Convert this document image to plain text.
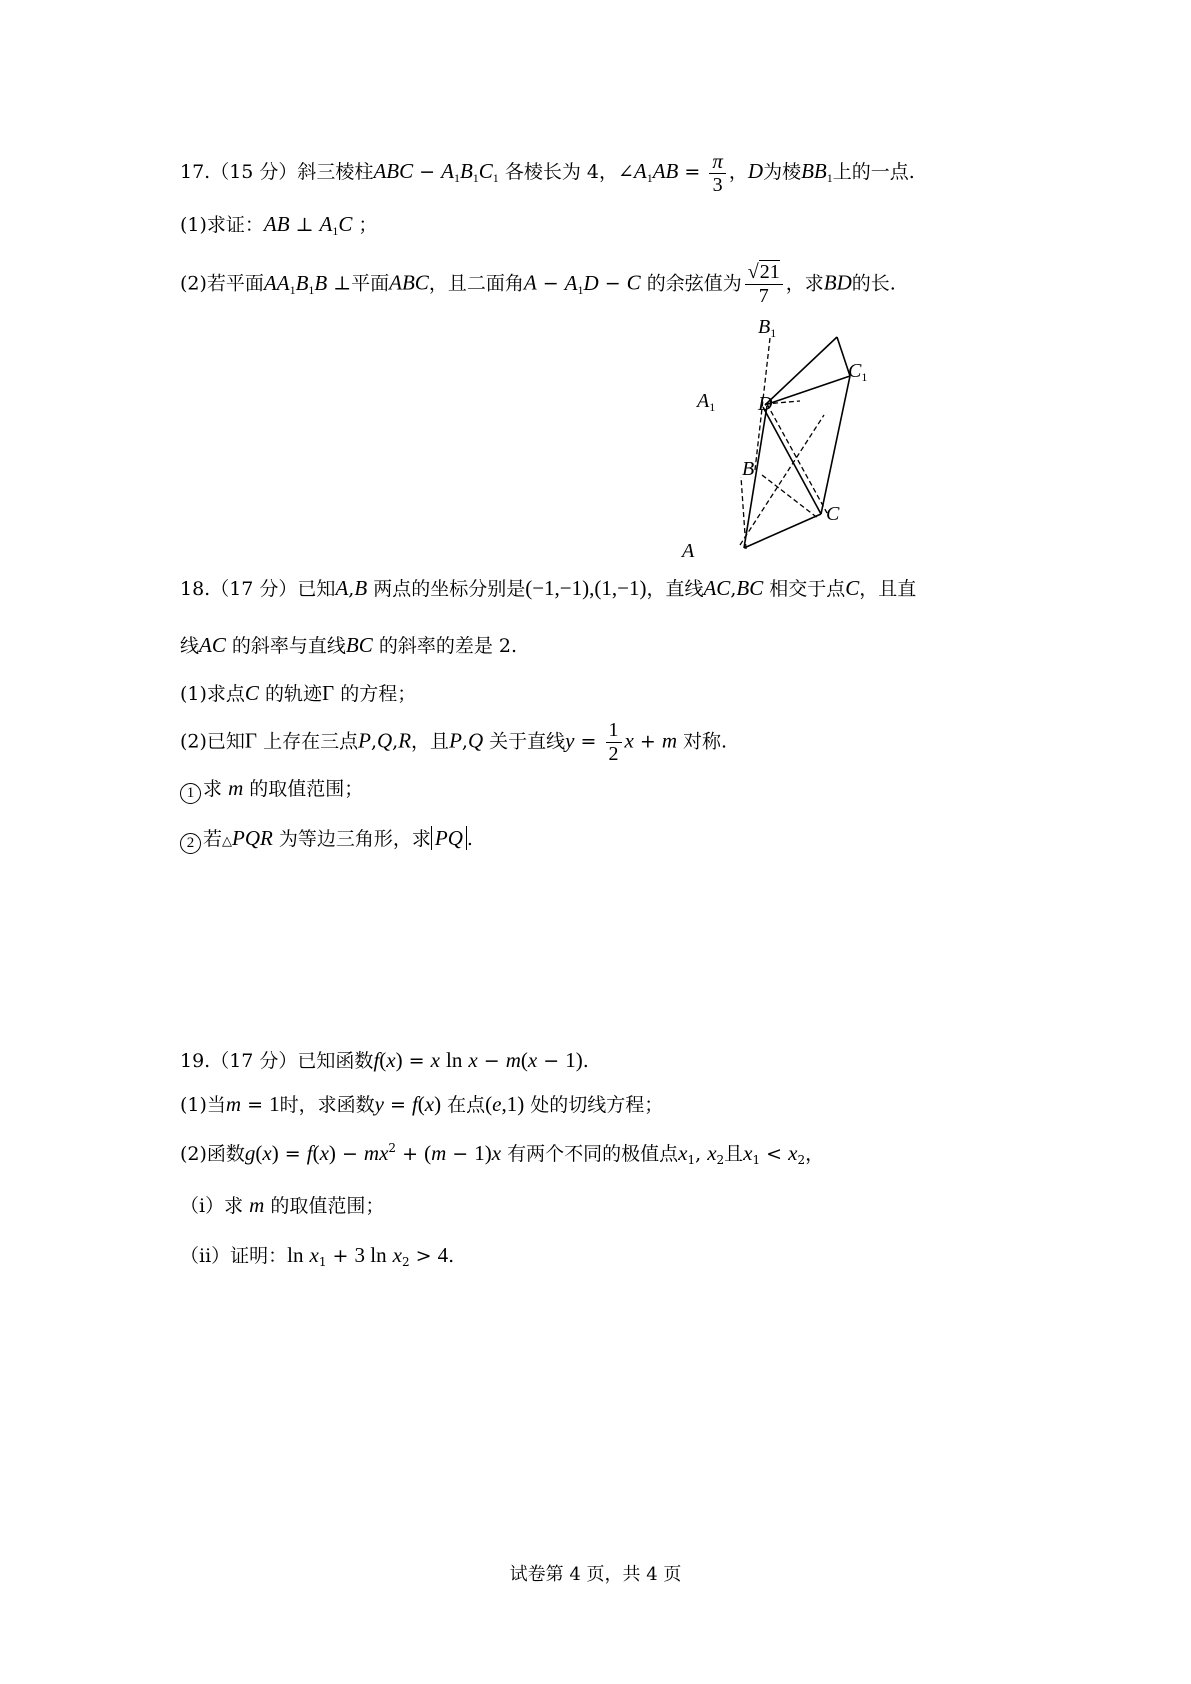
17.（15 分）斜三棱柱ABC − $A_1B_1C_1$ 各棱长为 4，$\angle A_1AB = \frac{\pi}{3}$ ，D为棱$BB_1$上的一点.
(1)求证：AB ⊥ $A_1C$ ；
(2)若平面$AA_1B_1B$ ⊥平面ABC，且二面角$A - A_1D - C$ 的余弦值为 $\frac{√21}{7}$ ，求BD的长.
$B_1$
$C_1$
$A_1$ D
B
C
A
18.（17 分）已知A,B 两点的坐标分别是(−1,−1),(1,−1)，直线AC,BC 相交于点C，且直
线AC 的斜率与直线BC 的斜率的差是 2.
(1)求点C 的轨迹Γ 的方程；
(2)已知Γ 上存在三点P,Q,R，且P,Q 关于直线$y = \frac{1}{2}$ x + m 对称.
1 求 m 的取值范围；
2 若△PQR 为等边三角形，求 PQ .
19.（17 分）已知函数f(x) = x ln x − m(x − 1).
(1)当m = 1时，求函数y = f(x) 在点(e,1) 处的切线方程；
(2)函数$g(x) = f(x) - mx^2 + (m - 1)x$ 有两个不同的极值点$x_1$, $x_2$且$x_1 < x_2$，
（i）求 m 的取值范围；
（ii）证明：$\ln x_1 + 3$ $\ln x_2 > 4$.
试卷第 4 页，共 4 页
